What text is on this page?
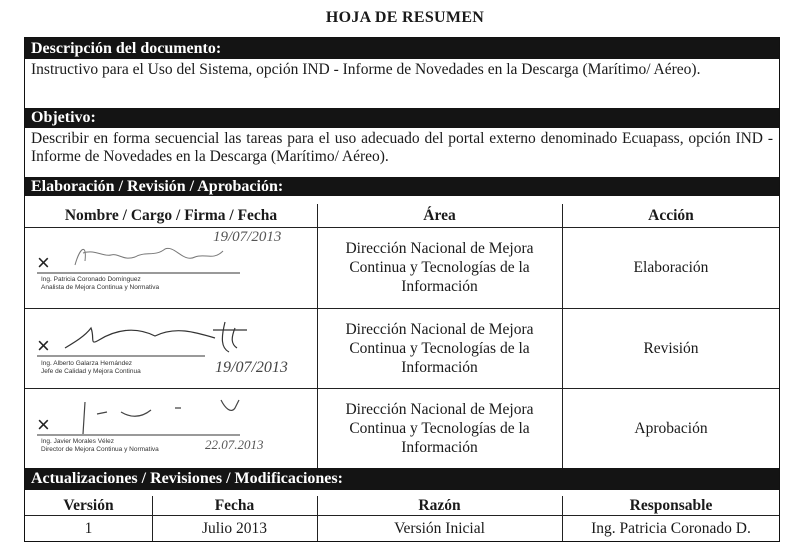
HOJA DE RESUMEN
Descripción del documento:
Instructivo para el Uso del Sistema, opción IND - Informe de Novedades en la Descarga (Marítimo/ Aéreo).
Objetivo:
Describir en forma secuencial las tareas para el uso adecuado del portal externo denominado Ecuapass, opción IND - Informe de Novedades en la Descarga (Marítimo/ Aéreo).
Elaboración / Revisión / Aprobación:
Nombre / Cargo / Firma / Fecha	Área	Acción
×
19/07/2013
Ing. Patricia Coronado Domínguez
Analista de Mejora Continua y Normativa
Dirección Nacional de Mejora Continua y Tecnologías de la Información
Elaboración
×
19/07/2013
Ing. Alberto Galarza Hernández
Jefe de Calidad y Mejora Continua
Dirección Nacional de Mejora Continua y Tecnologías de la Información
Revisión
×
22.07.2013
Ing. Javier Morales Vélez
Director de Mejora Continua y Normativa
Dirección Nacional de Mejora Continua y Tecnologías de la Información
Aprobación
Actualizaciones / Revisiones / Modificaciones:
Versión	Fecha	Razón	Responsable
1	Julio 2013	Versión Inicial	Ing. Patricia Coronado D.
